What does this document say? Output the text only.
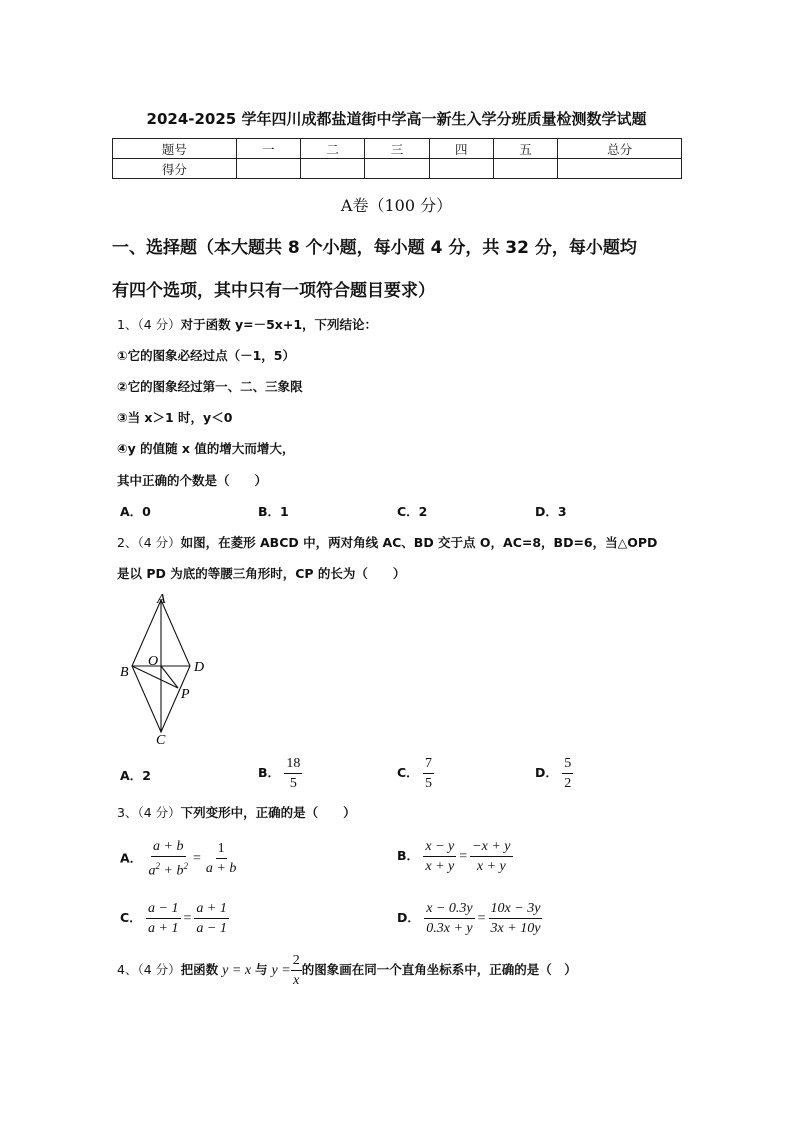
2024-2025 学年四川成都盐道街中学高一新生入学分班质量检测数学试题
题号	一	二	三	四	五	总分
得分						
A卷（100 分）
一、选择题（本大题共 8 个小题，每小题 4 分，共 32 分，每小题均
有四个选项，其中只有一项符合题目要求）
1、（4 分）对于函数 y=－5x+1，下列结论：
①它的图象必经过点（－1，5）
②它的图象经过第一、二、三象限
③当 x＞1 时，y＜0
④y 的值随 x 值的增大而增大，
其中正确的个数是（　　）
A．0	B．1	C．2	D．3
2、（4 分）如图，在菱形 ABCD 中，两对角线 AC、BD 交于点 O，AC=8，BD=6，当△OPD
是以 PD 为底的等腰三角形时，CP 的长为（　　）
A
B
C
D
O
P
A．2	B． $\frac{18}{5}$	C． $\frac{7}{5}$	D． $\frac{5}{2}$
3、（4 分）下列变形中，正确的是（　　）
A． $\frac{a + b}{a^2 + b^2} = \frac{1}{a + b}$	B． $\frac{x - y}{x + y} = \frac{-x + y}{x + y}$
C． $\frac{a - 1}{a + 1} = \frac{a + 1}{a - 1}$	D． $\frac{x - 0.3y}{0.3x + y} = \frac{10x - 3y}{3x + 10y}$
4、（4 分）把函数 y = x 与 $y = \frac{2}{x}$ 的图象画在同一个直角坐标系中，正确的是（　）
